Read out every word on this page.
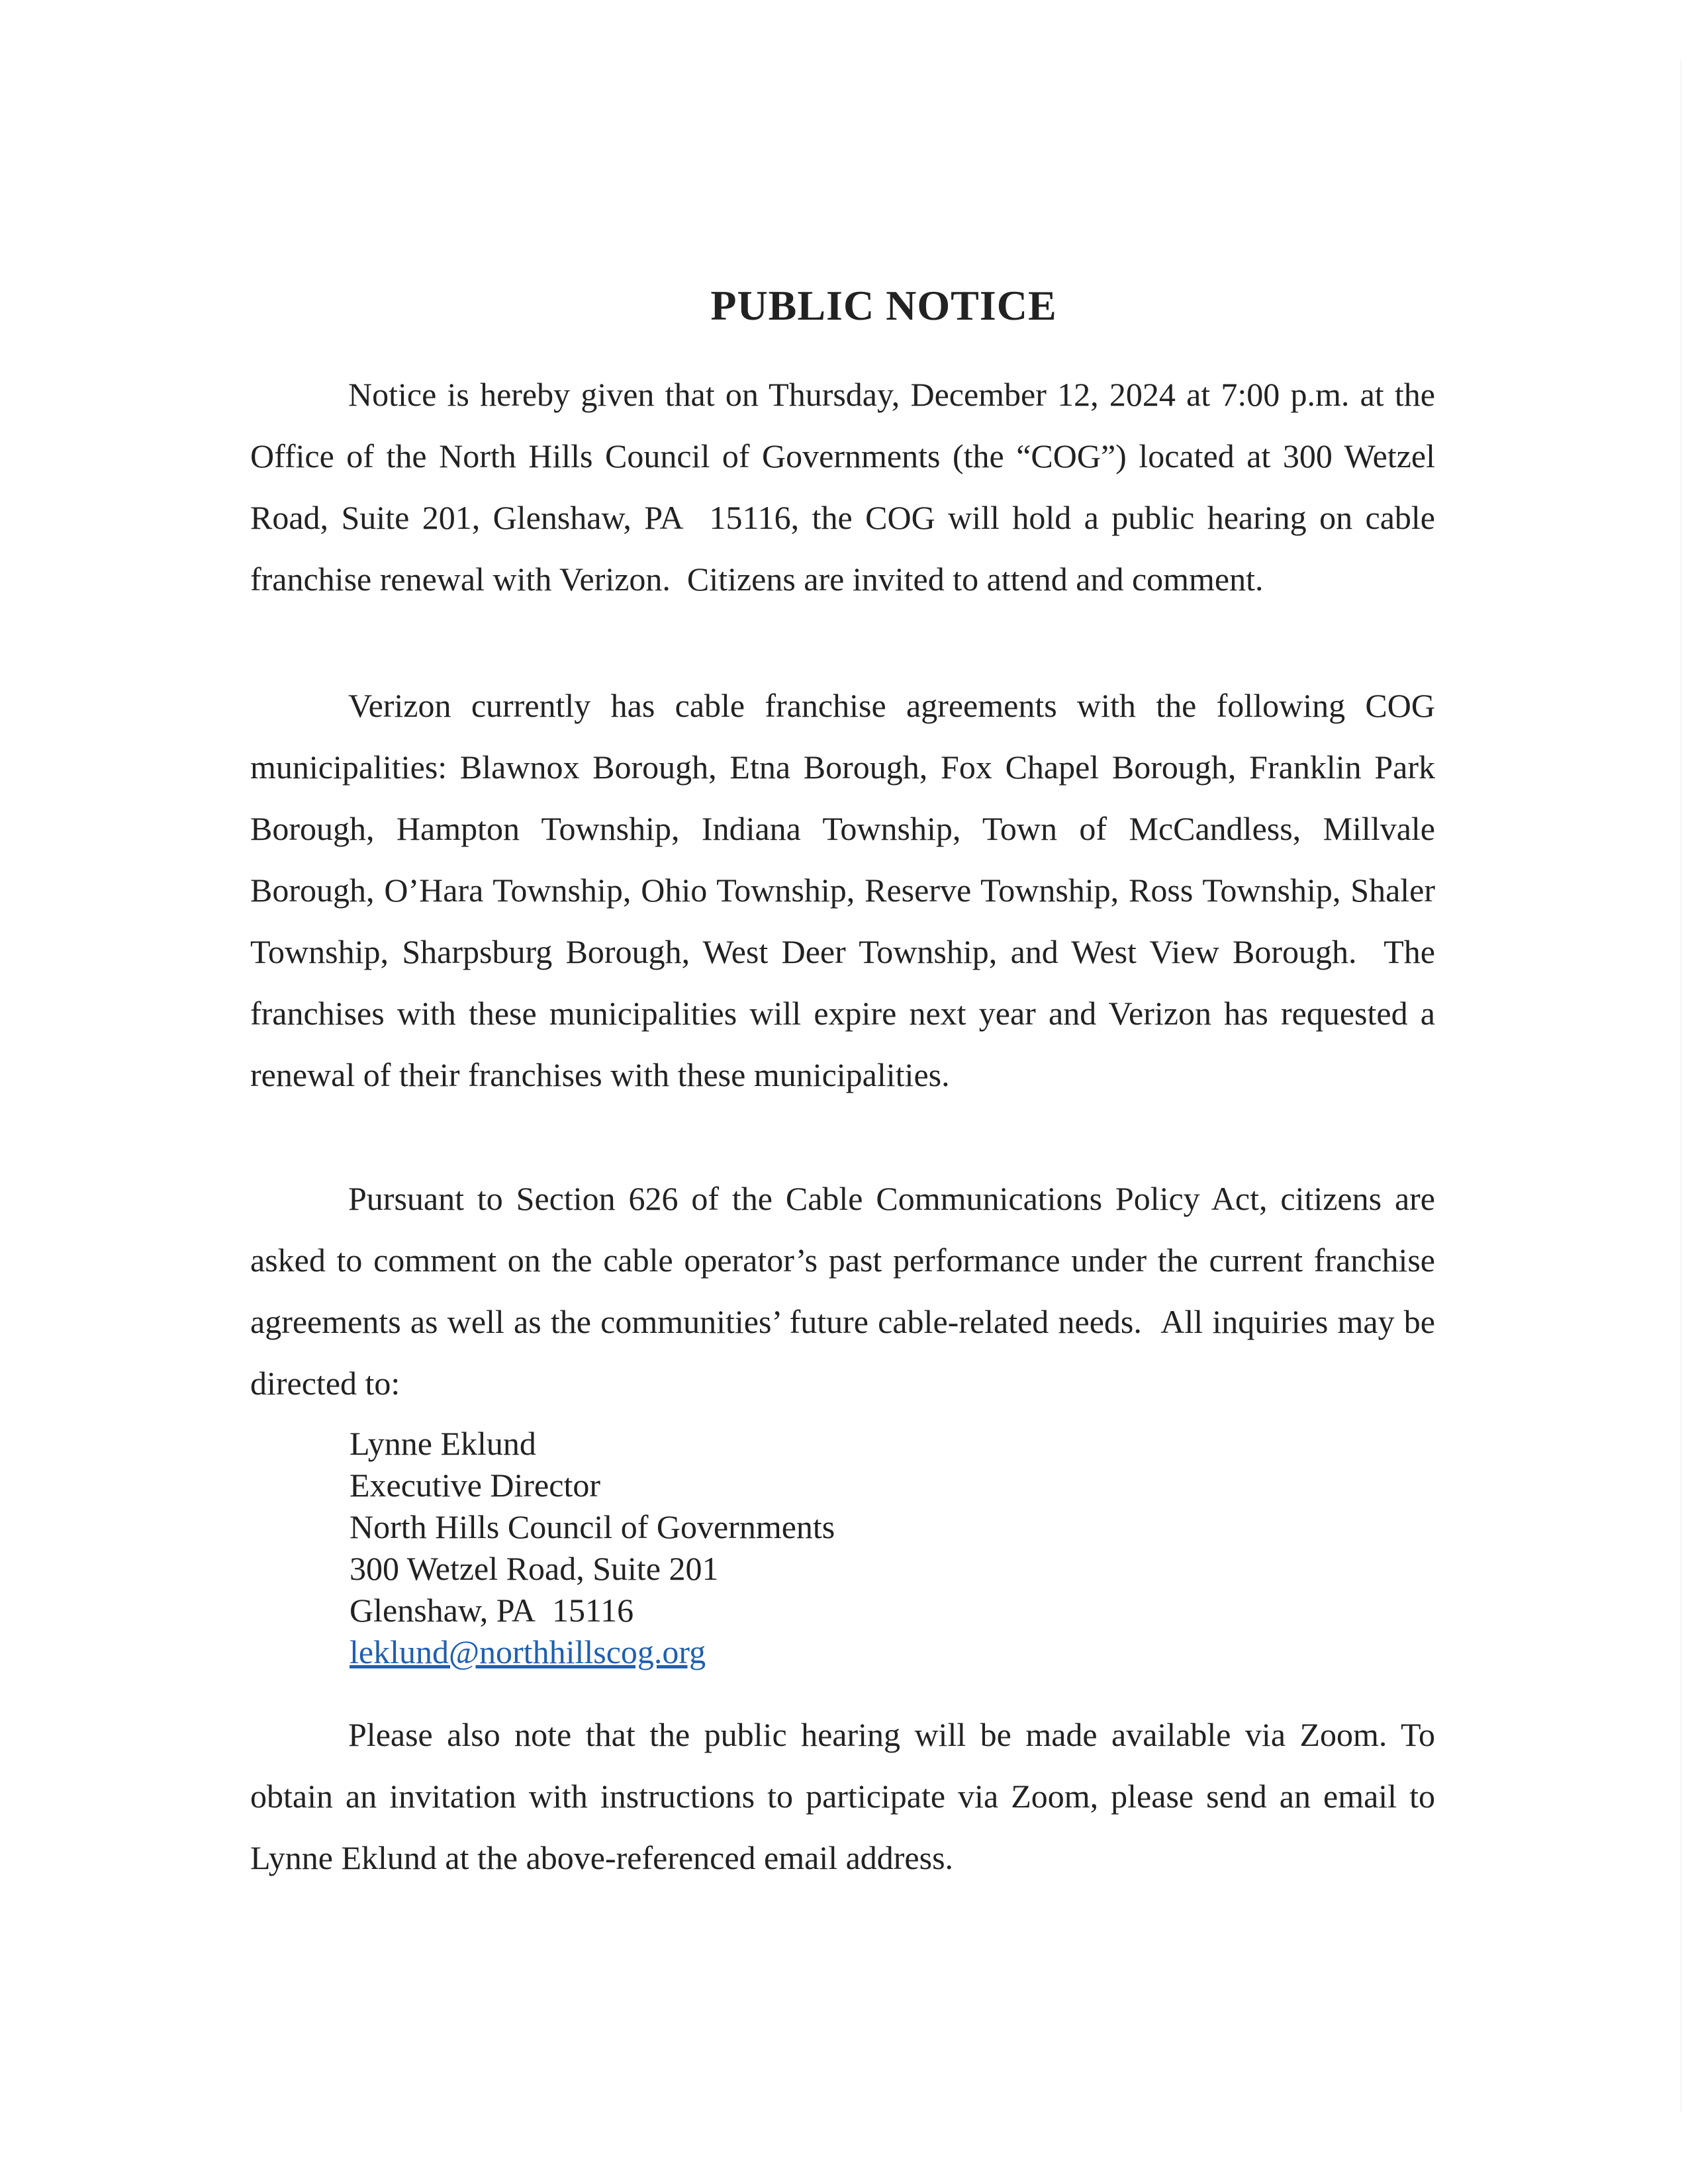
PUBLIC NOTICE

Notice is hereby given that on Thursday, December 12, 2024 at 7:00 p.m. at the Office of the North Hills Council of Governments (the “COG”) located at 300 Wetzel Road, Suite 201, Glenshaw, PA  15116, the COG will hold a public hearing on cable franchise renewal with Verizon.  Citizens are invited to attend and comment.

Verizon currently has cable franchise agreements with the following COG municipalities: Blawnox Borough, Etna Borough, Fox Chapel Borough, Franklin Park Borough, Hampton Township, Indiana Township, Town of McCandless, Millvale Borough, O’Hara Township, Ohio Township, Reserve Township, Ross Township, Shaler Township, Sharpsburg Borough, West Deer Township, and West View Borough.  The franchises with these municipalities will expire next year and Verizon has requested a renewal of their franchises with these municipalities.

Pursuant to Section 626 of the Cable Communications Policy Act, citizens are asked to comment on the cable operator’s past performance under the current franchise agreements as well as the communities’ future cable-related needs.  All inquiries may be directed to:

Lynne Eklund
Executive Director
North Hills Council of Governments
300 Wetzel Road, Suite 201
Glenshaw, PA  15116
leklund@northhillscog.org

Please also note that the public hearing will be made available via Zoom. To obtain an invitation with instructions to participate via Zoom, please send an email to Lynne Eklund at the above-referenced email address.
